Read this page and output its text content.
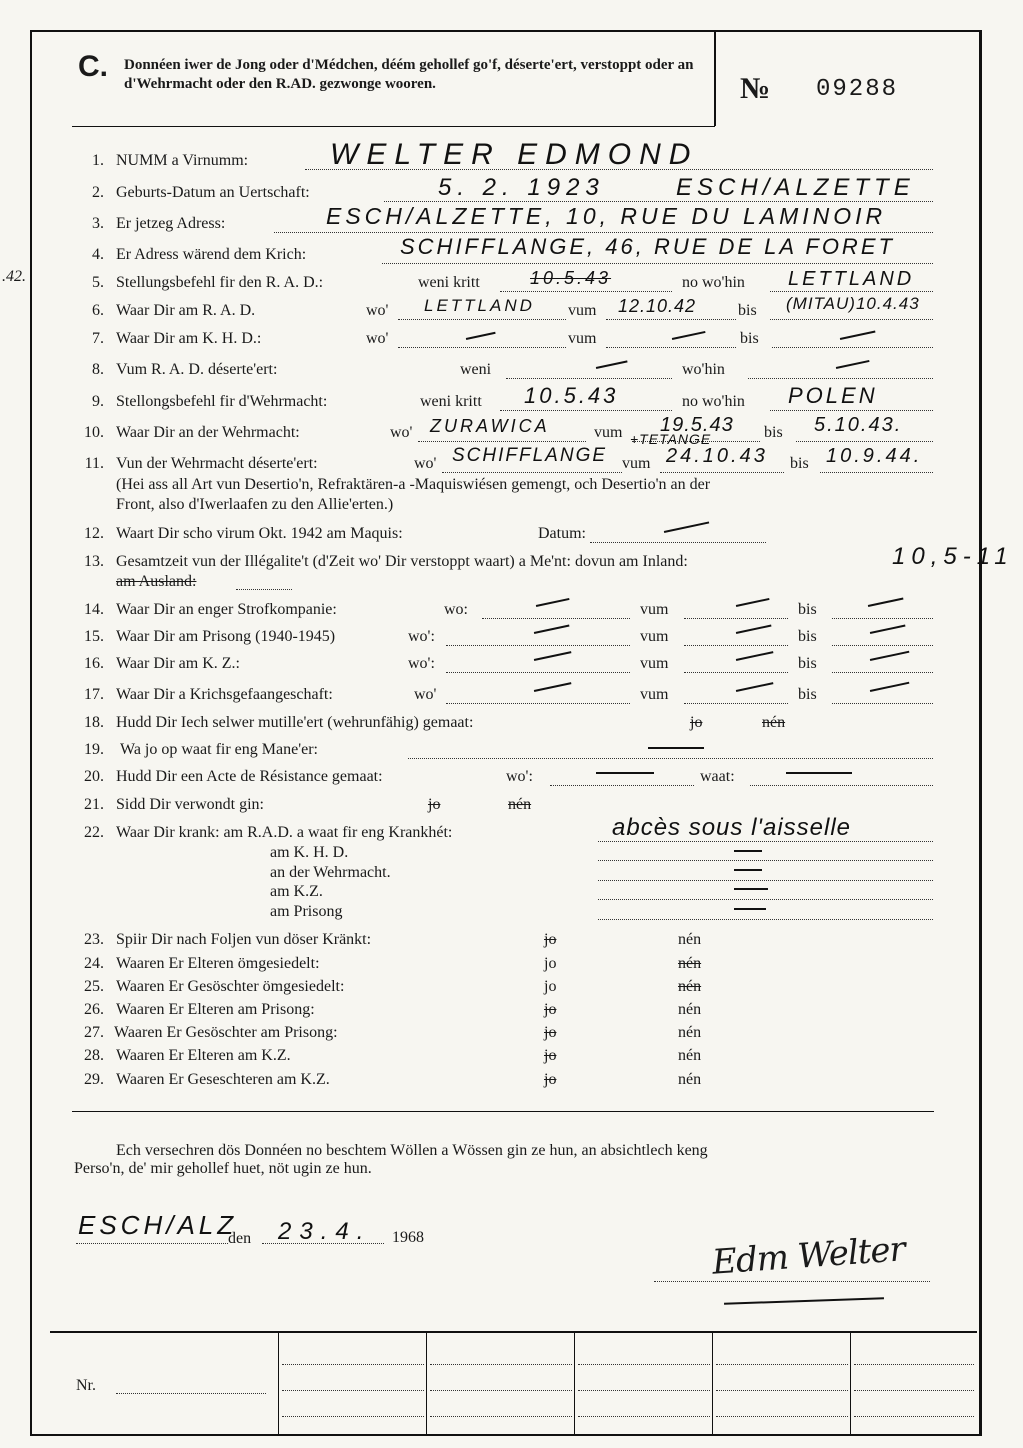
C. Donnéen iwer de Jong oder d'Médchen, déém gehollef go'f, déserte'ert, verstoppt oder an d'Wehrmacht oder den R.AD. gezwonge wooren.	№ 09288
.42.
1. NUMM a Virnumm:	WELTER EDMOND
2. Geburts-Datum an Uertschaft:	5. 2. 1923	ESCH/ALZETTE
3. Er jetzeg Adress:	ESCH/ALZETTE, 10, RUE DU LAMINOIR
4. Er Adress wärend dem Krich:	SCHIFFLANGE, 46, RUE DE LA FORET
5. Stellungsbefehl fir den R. A. D.:	weni kritt	10.5.43	no wo'hin LETTLAND
6. Waar Dir am R. A. D.	wo' LETTLAND vum 12.10.42	bis (MITAU)10.4.43
7. Waar Dir am K. H. D.:	wo'	vum	bis
8. Vum R. A. D. déserte'ert:	weni	wo'hin
9. Stellongsbefehl fir d'Wehrmacht:	weni kritt 10.5.43	no wo'hin POLEN
10. Waar Dir an der Wehrmacht:	wo' ZURAWICA	vum 19.5.43 bis 5.10.43.
11. Vun der Wehrmacht déserte'ert:	wo' SCHIFFLANGE
+TETANGE
vum 24.10.43 bis 10.9.44.
(Hei ass all Art vun Desertio'n, Refraktären-a -Maquiswiésen gemengt, och Desertio'n an der
Front, also d'Iwerlaafen zu den Allie'erten.)
12. Waart Dir scho virum Okt. 1942 am Maquis:	Datum:
13. Gesamtzeit vun der Illégalite't (d'Zeit wo' Dir verstoppt waart) a Me'nt: dovun am Inland:	10,5-11
am Ausland:
14. Waar Dir an enger Strofkompanie:	wo:	vum	bis
15. Waar Dir am Prisong (1940-1945)	wo':	vum	bis
16. Waar Dir am K. Z.:	wo':	vum	bis
17. Waar Dir a Krichsgefaangeschaft:	wo'	vum	bis
18. Hudd Dir Iech selwer mutille'ert (wehrunfähig) gemaat:	jo	nén
19. Wa jo op waat fir eng Mane'er:
20. Hudd Dir een Acte de Résistance gemaat:	wo':	waat:
21. Sidd Dir verwondt gin:	jo	nén
22. Waar Dir krank: am R.A.D. a waat fir eng Krankhét:	abcès sous l'aisselle
am K. H. D.
an der Wehrmacht.
am K.Z.
am Prisong
23. Spiir Dir nach Foljen vun döser Kränkt:	jo	nén
24. Waaren Er Elteren ömgesiedelt:	jo	nén
25. Waaren Er Gesöschter ömgesiedelt:	jo	nén
26. Waaren Er Elteren am Prisong:	jo	nén
27. Waaren Er Gesöschter am Prisong:	jo	nén
28. Waaren Er Elteren am K.Z.	jo	nén
29. Waaren Er Geseschteren am K.Z.	jo	nén
Ech versechren dös Donnéen no beschtem Wöllen a Wössen gin ze hun, an absichtlech keng
Perso'n, de' mir gehollef huet, nöt ugin ze hun.
ESCH/ALZ
den 23.4. 1968	Edm Welter
Nr.
